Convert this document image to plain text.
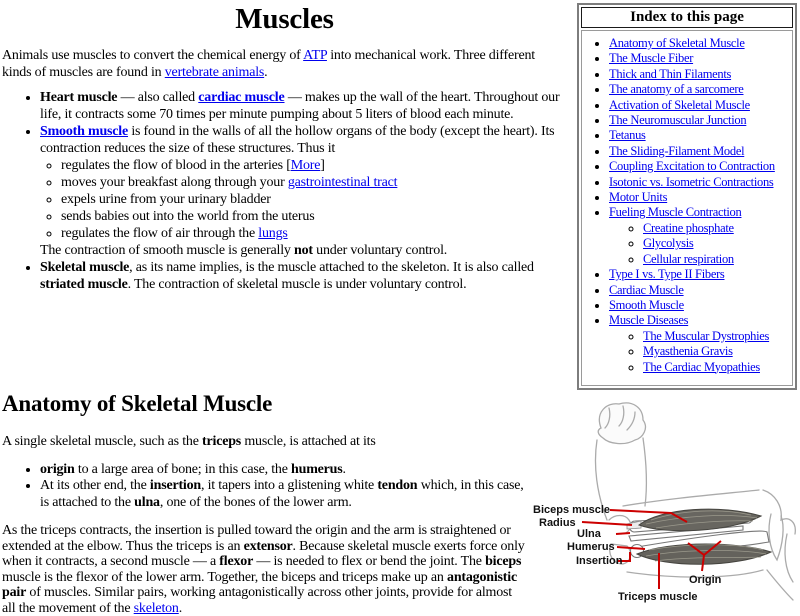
Index to this page
• Anatomy of Skeletal Muscle
• The Muscle Fiber
• Thick and Thin Filaments
• The anatomy of a sarcomere
• Activation of Skeletal Muscle
• The Neuromuscular Junction
• Tetanus
• The Sliding-Filament Model
• Coupling Excitation to Contraction
• Isotonic vs. Isometric Contractions
• Motor Units
• Fueling Muscle Contraction
◦ Creatine phosphate
◦ Glycolysis
◦ Cellular respiration
• Type I vs. Type II Fibers
• Cardiac Muscle
• Smooth Muscle
• Muscle Diseases
◦ The Muscular Dystrophies
◦ Myasthenia Gravis
◦ The Cardiac Myopathies
Muscles

Animals use muscles to convert the chemical energy of ATP into mechanical work. Three different kinds of muscles are found in vertebrate animals.

• Heart muscle — also called cardiac muscle — makes up the wall of the heart. Throughout our life, it contracts some 70 times per minute pumping about 5 liters of blood each minute.
• Smooth muscle is found in the walls of all the hollow organs of the body (except the heart). Its contraction reduces the size of these structures. Thus it
◦ regulates the flow of blood in the arteries [More]
◦ moves your breakfast along through your gastrointestinal tract
◦ expels urine from your urinary bladder
◦ sends babies out into the world from the uterus
◦ regulates the flow of air through the lungs
The contraction of smooth muscle is generally not under voluntary control.
• Skeletal muscle, as its name implies, is the muscle attached to the skeleton. It is also called striated muscle. The contraction of skeletal muscle is under voluntary control.
Biceps muscle
Radius
Ulna
Humerus
Insertion
Origin
Triceps muscle
Anatomy of Skeletal Muscle

A single skeletal muscle, such as the triceps muscle, is attached at its

• origin to a large area of bone; in this case, the humerus.
• At its other end, the insertion, it tapers into a glistening white tendon which, in this case, is attached to the ulna, one of the bones of the lower arm.

As the triceps contracts, the insertion is pulled toward the origin and the arm is straightened or extended at the elbow. Thus the triceps is an extensor. Because skeletal muscle exerts force only when it contracts, a second muscle — a flexor — is needed to flex or bend the joint. The biceps muscle is the flexor of the lower arm. Together, the biceps and triceps make up an antagonistic pair of muscles. Similar pairs, working antagonistically across other joints, provide for almost all the movement of the skeleton.
